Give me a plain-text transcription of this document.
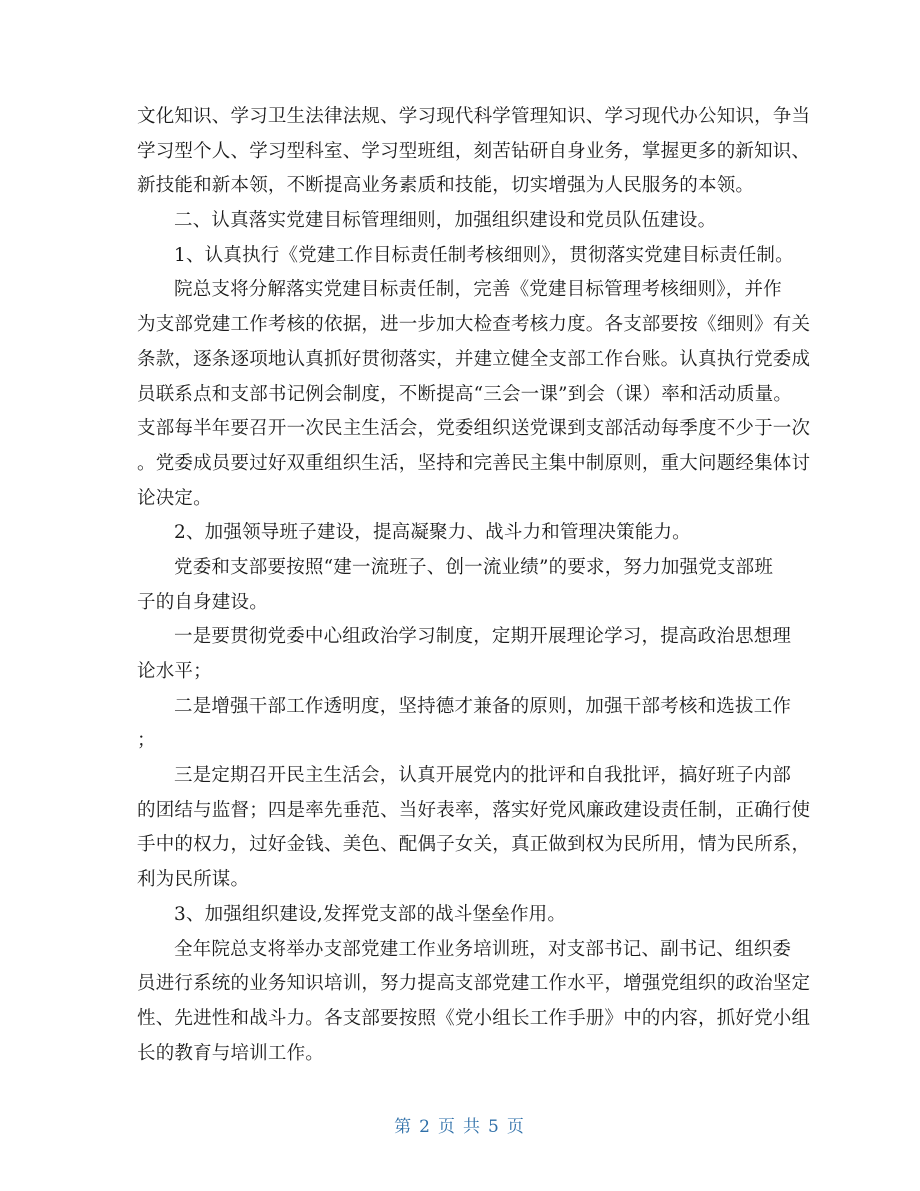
文化知识、学习卫生法律法规、学习现代科学管理知识、学习现代办公知识，争当
学习型个人、学习型科室、学习型班组，刻苦钻研自身业务，掌握更多的新知识、
新技能和新本领，不断提高业务素质和技能，切实增强为人民服务的本领。
二、认真落实党建目标管理细则，加强组织建设和党员队伍建设。
1、认真执行《党建工作目标责任制考核细则》，贯彻落实党建目标责任制。
院总支将分解落实党建目标责任制，完善《党建目标管理考核细则》，并作
为支部党建工作考核的依据，进一步加大检查考核力度。各支部要按《细则》有关
条款，逐条逐项地认真抓好贯彻落实，并建立健全支部工作台账。认真执行党委成
员联系点和支部书记例会制度，不断提高“三会一课”到会（课）率和活动质量。
支部每半年要召开一次民主生活会，党委组织送党课到支部活动每季度不少于一次
。党委成员要过好双重组织生活，坚持和完善民主集中制原则，重大问题经集体讨
论决定。
2、加强领导班子建设，提高凝聚力、战斗力和管理决策能力。
党委和支部要按照“建一流班子、创一流业绩”的要求，努力加强党支部班
子的自身建设。
一是要贯彻党委中心组政治学习制度，定期开展理论学习，提高政治思想理
论水平；
二是增强干部工作透明度，坚持德才兼备的原则，加强干部考核和选拔工作
；
三是定期召开民主生活会，认真开展党内的批评和自我批评，搞好班子内部
的团结与监督；四是率先垂范、当好表率，落实好党风廉政建设责任制，正确行使
手中的权力，过好金钱、美色、配偶子女关，真正做到权为民所用，情为民所系，
利为民所谋。
3、加强组织建设,发挥党支部的战斗堡垒作用。
全年院总支将举办支部党建工作业务培训班，对支部书记、副书记、组织委
员进行系统的业务知识培训，努力提高支部党建工作水平，增强党组织的政治坚定
性、先进性和战斗力。各支部要按照《党小组长工作手册》中的内容，抓好党小组
长的教育与培训工作。
第 2 页 共 5 页
